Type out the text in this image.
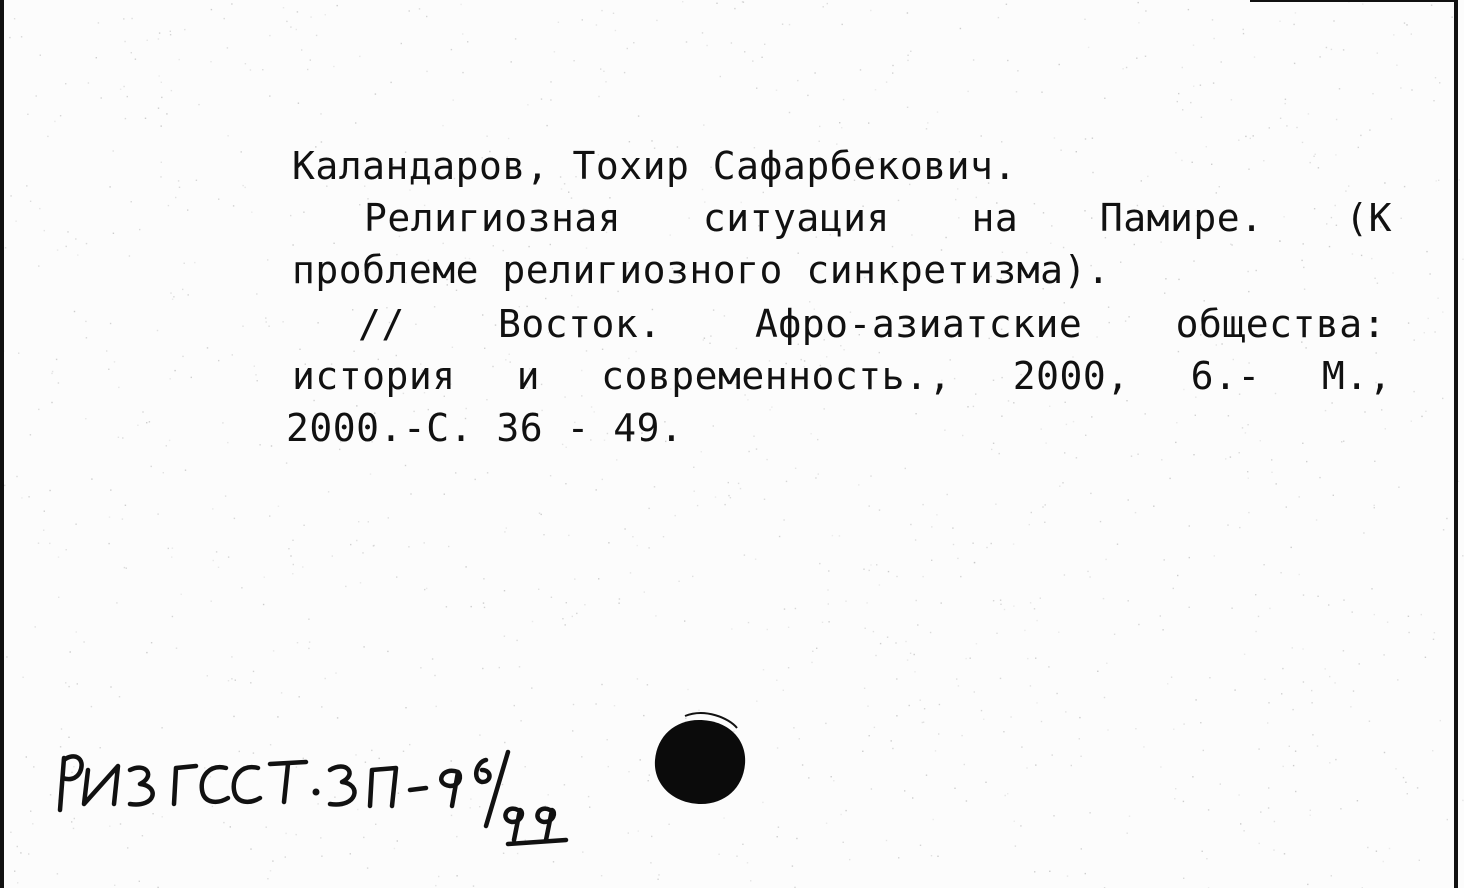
Каландаров, Тохир Сафарбекович.
Религиозная ситуация на Памире. (К
проблеме религиозного синкретизма).
// Восток. Афро-азиатские общества:
история и современность., 2000, 6.- М.,
2000.-С. 36 - 49.
